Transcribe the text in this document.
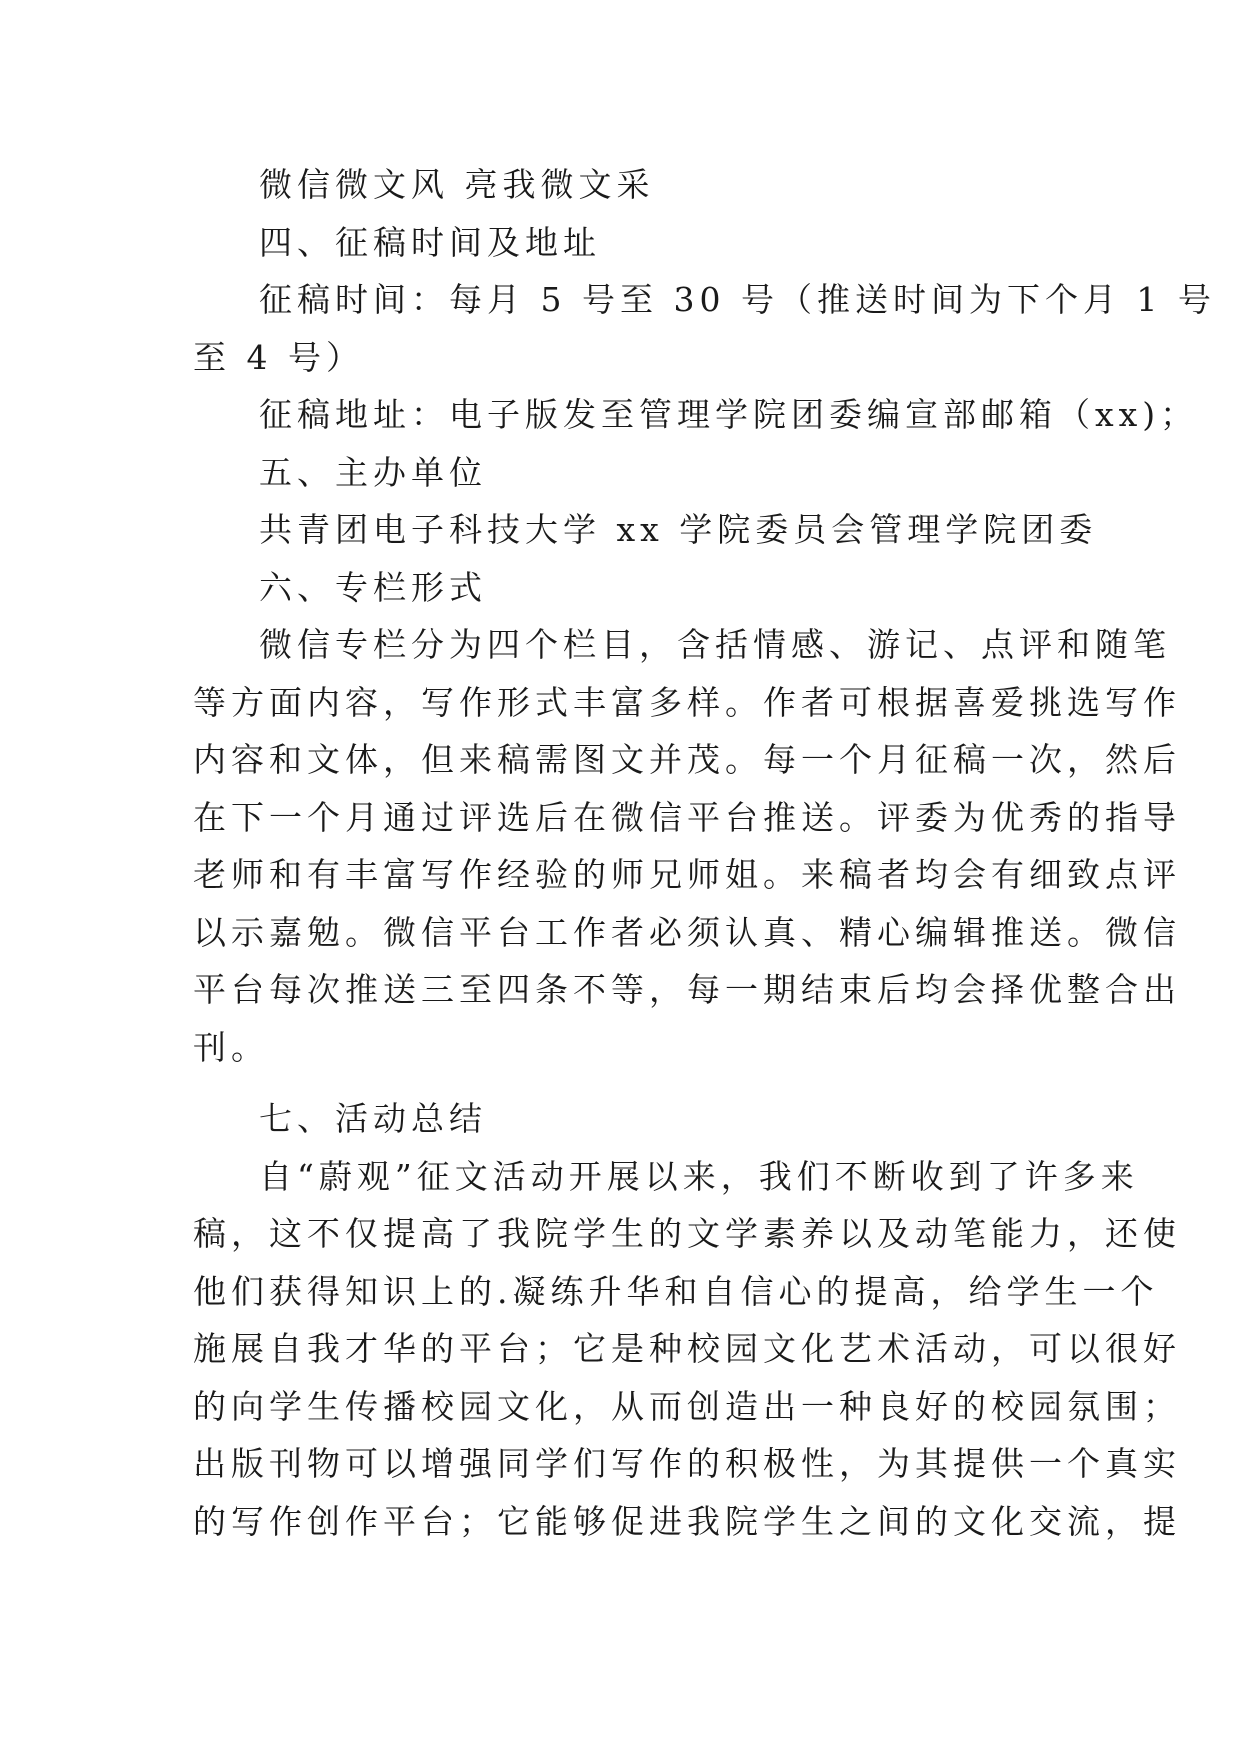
微信微文风 亮我微文采
四、征稿时间及地址
征稿时间：每月 5 号至 30 号（推送时间为下个月 1 号
至 4 号）
征稿地址：电子版发至管理学院团委编宣部邮箱（xx)；
五、主办单位
共青团电子科技大学 xx 学院委员会管理学院团委
六、专栏形式
微信专栏分为四个栏目，含括情感、游记、点评和随笔
等方面内容，写作形式丰富多样。作者可根据喜爱挑选写作
内容和文体，但来稿需图文并茂。每一个月征稿一次，然后
在下一个月通过评选后在微信平台推送。评委为优秀的指导
老师和有丰富写作经验的师兄师姐。来稿者均会有细致点评
以示嘉勉。微信平台工作者必须认真、精心编辑推送。微信
平台每次推送三至四条不等，每一期结束后均会择优整合出
刊。
七、活动总结
自“蔚观”征文活动开展以来，我们不断收到了许多来
稿，这不仅提高了我院学生的文学素养以及动笔能力，还使
他们获得知识上的.凝练升华和自信心的提高，给学生一个
施展自我才华的平台；它是种校园文化艺术活动，可以很好
的向学生传播校园文化，从而创造出一种良好的校园氛围；
出版刊物可以增强同学们写作的积极性，为其提供一个真实
的写作创作平台；它能够促进我院学生之间的文化交流，提
